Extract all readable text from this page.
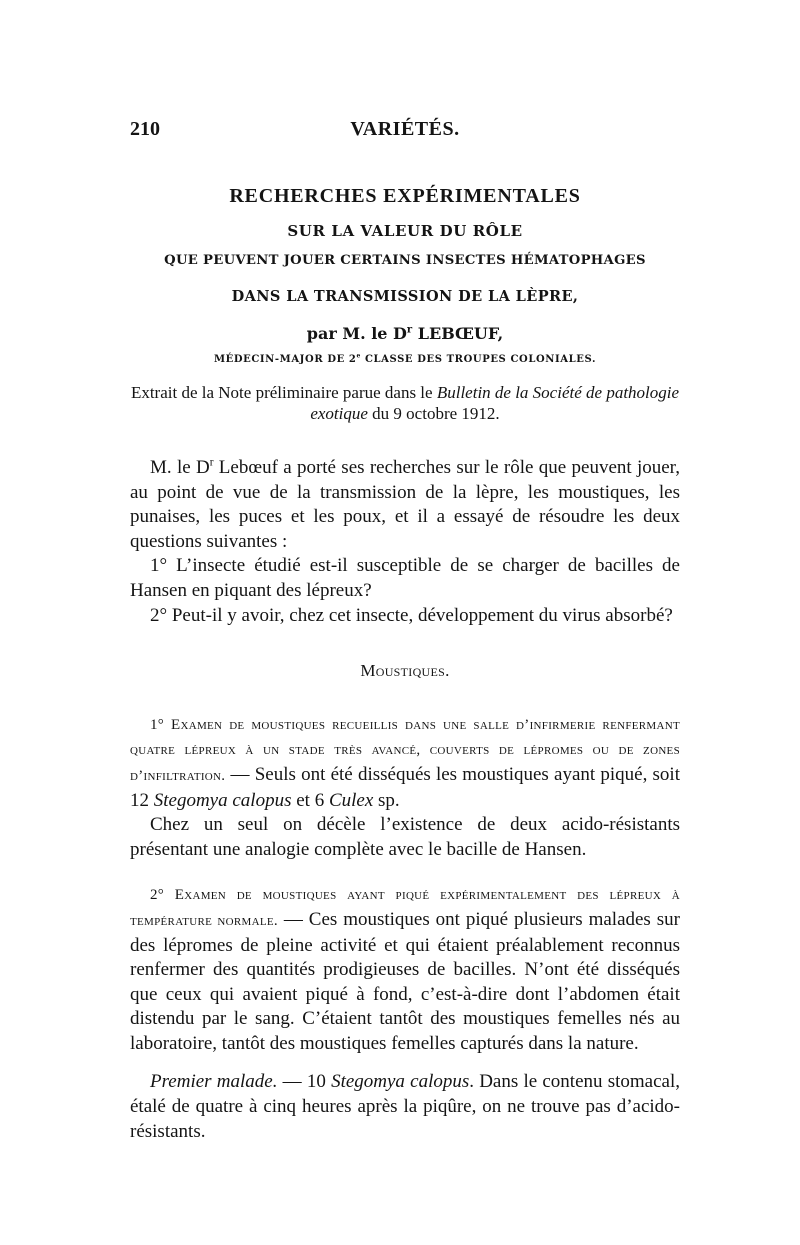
210	VARIÉTÉS.
RECHERCHES EXPÉRIMENTALES
SUR LA VALEUR DU RÔLE
QUE PEUVENT JOUER CERTAINS INSECTES HÉMATOPHAGES
DANS LA TRANSMISSION DE LA LÈPRE,
par M. le $D^r$ LEBŒUF,
MÉDECIN-MAJOR DE 2e CLASSE DES TROUPES COLONIALES.
Extrait de la Note préliminaire parue dans le Bulletin de la Société de pathologie exotique du 9 octobre 1912.

M. le $D^r$ Lebœuf a porté ses recherches sur le rôle que peuvent jouer, au point de vue de la transmission de la lèpre, les moustiques, les punaises, les puces et les poux, et il a essayé de résoudre les deux questions suivantes :

1° L’insecte étudié est-il susceptible de se charger de bacilles de Hansen en piquant des lépreux?

2° Peut-il y avoir, chez cet insecte, développement du virus absorbé?

Moustiques.

1° Examen de moustiques recueillis dans une salle d’infirmerie renfermant quatre lépreux à un stade très avancé, couverts de lépromes ou de zones d’infiltration. — Seuls ont été disséqués les moustiques ayant piqué, soit 12 Stegomya calopus et 6 Culex sp.

Chez un seul on décèle l’existence de deux acido-résistants présentant une analogie complète avec le bacille de Hansen.

2° Examen de moustiques ayant piqué expérimentalement des lépreux à température normale. — Ces moustiques ont piqué plusieurs malades sur des lépromes de pleine activité et qui étaient préalablement reconnus renfermer des quantités prodigieuses de bacilles. N’ont été disséqués que ceux qui avaient piqué à fond, c’est-à-dire dont l’abdomen était distendu par le sang. C’étaient tantôt des moustiques femelles nés au laboratoire, tantôt des moustiques femelles capturés dans la nature.

Premier malade. — 10 Stegomya calopus. Dans le contenu stomacal, étalé de quatre à cinq heures après la piqûre, on ne trouve pas d’acido-résistants.
